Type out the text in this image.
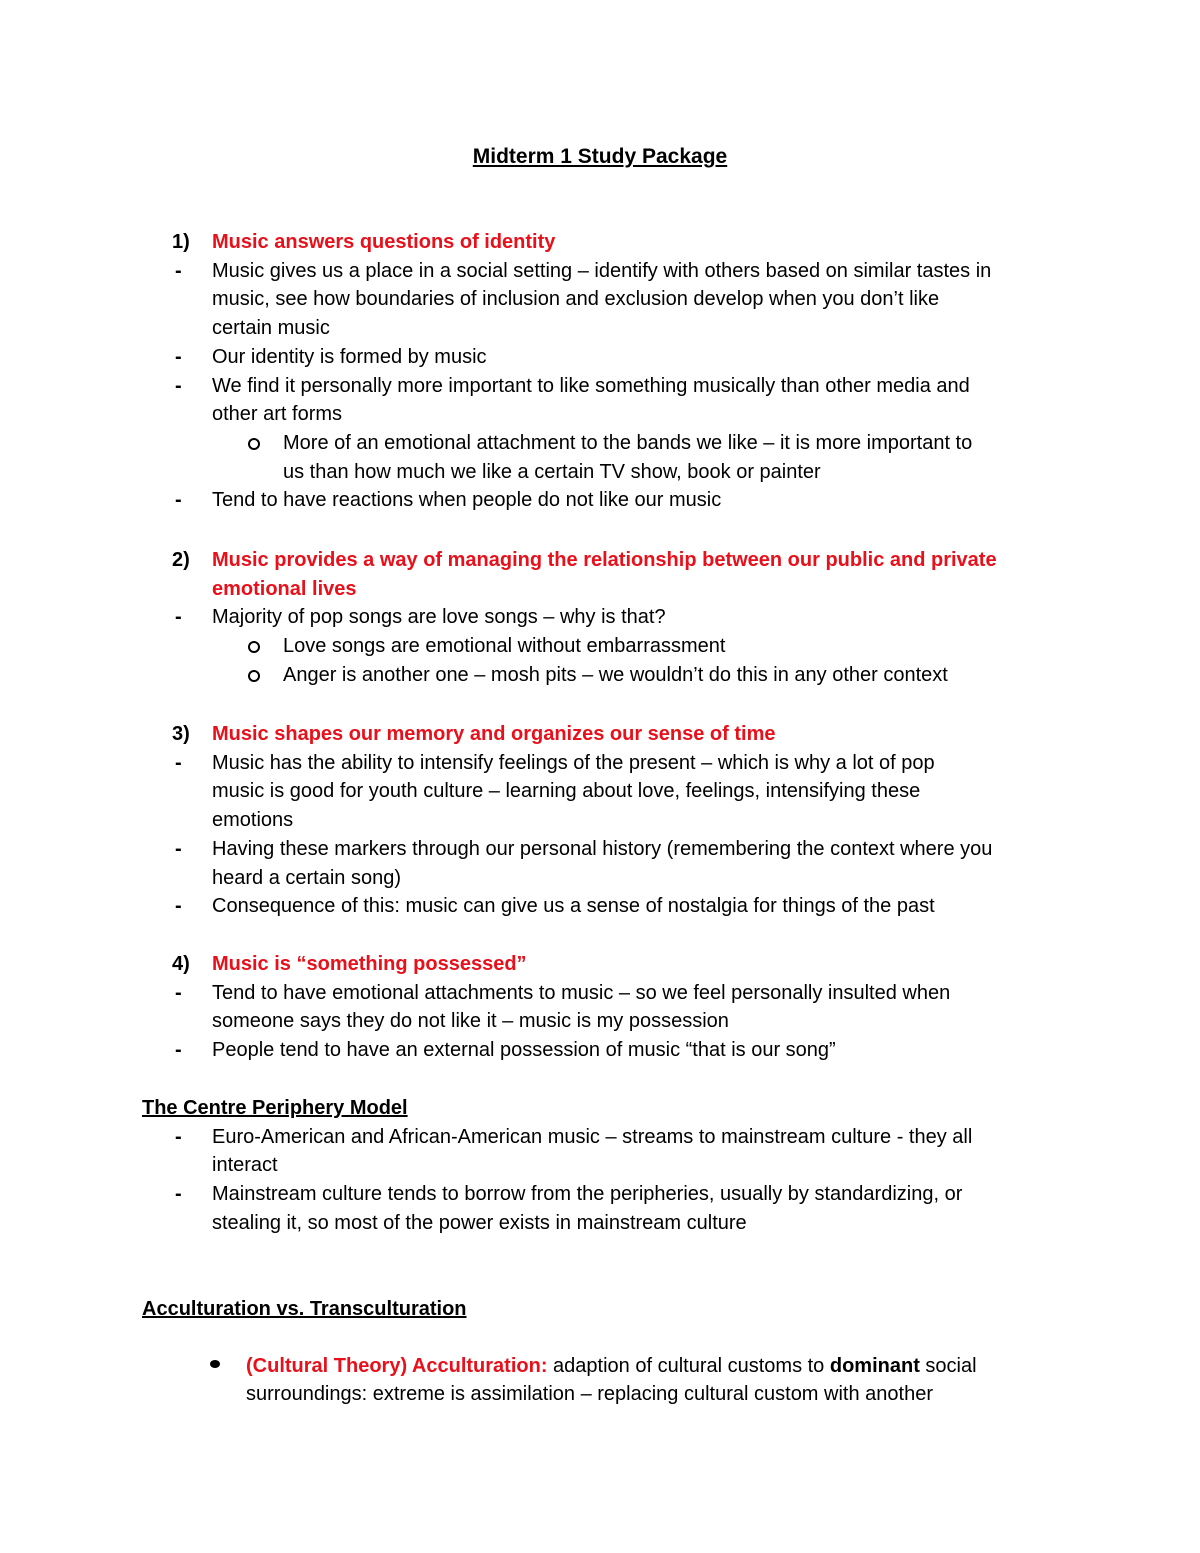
Midterm 1 Study Package
1) Music answers questions of identity
- Music gives us a place in a social setting – identify with others based on similar tastes in
music, see how boundaries of inclusion and exclusion develop when you don’t like
certain music
- Our identity is formed by music
- We find it personally more important to like something musically than other media and
other art forms
More of an emotional attachment to the bands we like – it is more important to
us than how much we like a certain TV show, book or painter
- Tend to have reactions when people do not like our music
2) Music provides a way of managing the relationship between our public and private
emotional lives
- Majority of pop songs are love songs – why is that?
Love songs are emotional without embarrassment
Anger is another one – mosh pits – we wouldn’t do this in any other context
3) Music shapes our memory and organizes our sense of time
- Music has the ability to intensify feelings of the present – which is why a lot of pop
music is good for youth culture – learning about love, feelings, intensifying these
emotions
- Having these markers through our personal history (remembering the context where you
heard a certain song)
- Consequence of this: music can give us a sense of nostalgia for things of the past
4) Music is “something possessed”
- Tend to have emotional attachments to music – so we feel personally insulted when
someone says they do not like it – music is my possession
- People tend to have an external possession of music “that is our song”
The Centre Periphery Model
- Euro-American and African-American music – streams to mainstream culture - they all
interact
- Mainstream culture tends to borrow from the peripheries, usually by standardizing, or
stealing it, so most of the power exists in mainstream culture
Acculturation vs. Transculturation
(Cultural Theory) Acculturation: adaption of cultural customs to dominant social
surroundings: extreme is assimilation – replacing cultural custom with another
